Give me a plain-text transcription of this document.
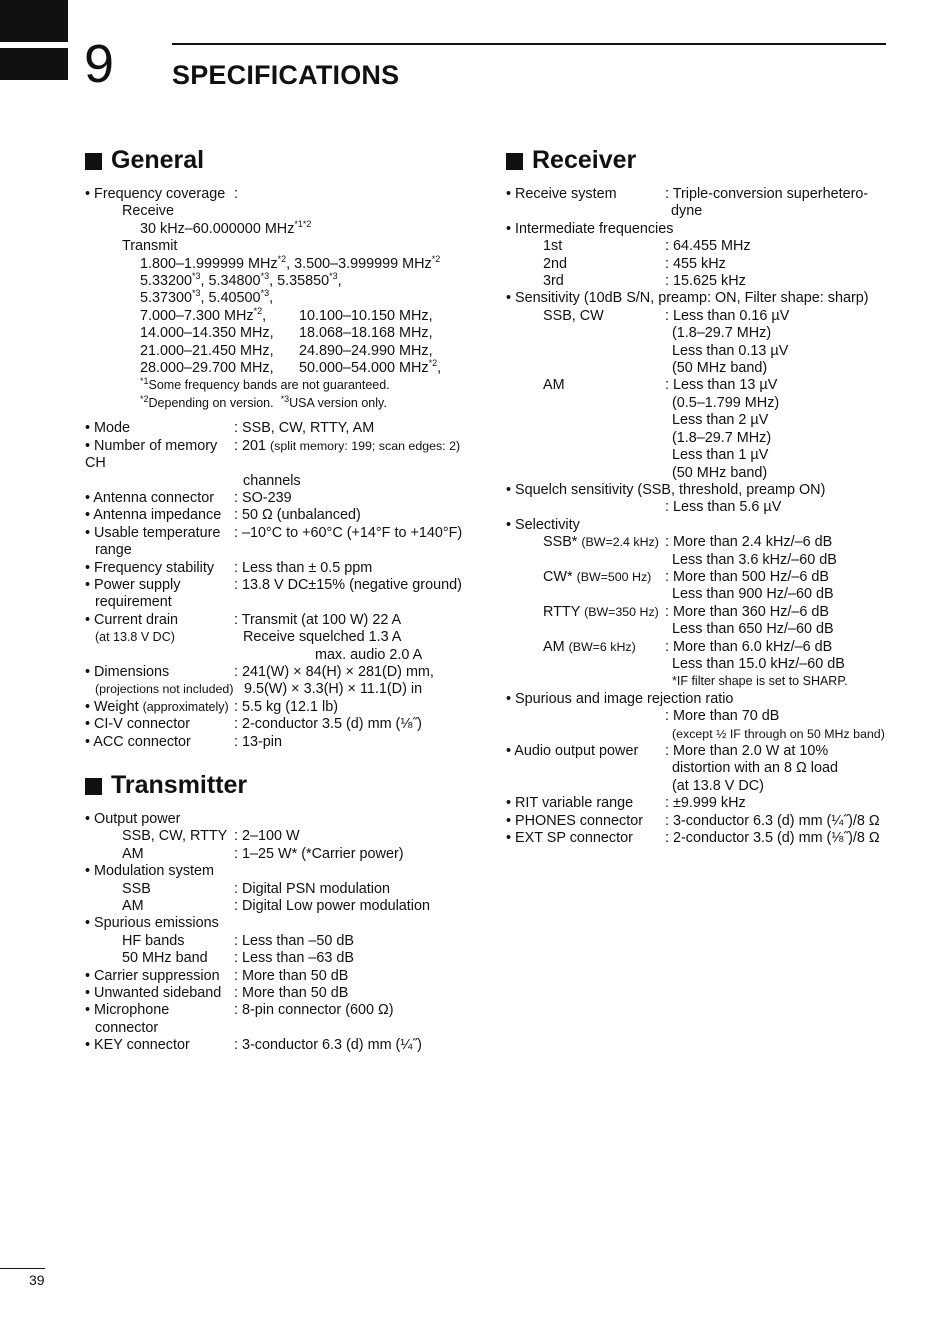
9 SPECIFICATIONS
General
• Frequency coverage :
Receive
30 kHz–60.000000 MHz$^{*1*2}$
Transmit
1.800–1.999999 MHz$^{*2}$, 3.500–3.999999 MHz$^{*2}$
5.33200$^{*3}$, 5.34800$^{*3}$, 5.35850$^{*3}$,
5.37300$^{*3}$, 5.40500$^{*3}$,
7.000–7.300 MHz$^{*2}$,	10.100–10.150 MHz,
14.000–14.350 MHz,	18.068–18.168 MHz,
21.000–21.450 MHz,	24.890–24.990 MHz,
28.000–29.700 MHz,	50.000–54.000 MHz$^{*2}$,
$^{*1}$Some frequency bands are not guaranteed.
$^{*2}$Depending on version. $^{*3}$USA version only.
• Mode	: SSB, CW, RTTY, AM
• Number of memory CH
: 201 (split memory: 199; scan edges: 2)
channels
• Antenna connector	: SO-239
• Antenna impedance : 50 Ω (unbalanced)
• Usable temperature : –10°C to +60°C (+14°F to +140°F)
range
• Frequency stability	: Less than ± 0.5 ppm
• Power supply	: 13.8 V DC±15% (negative ground)
requirement
• Current drain	: Transmit (at 100 W) 22 A
(at 13.8 V DC)	Receive squelched 1.3 A
max. audio 2.0 A
• Dimensions	: 241(W) × 84(H) × 281(D) mm,
(projections not included) 9.5(W) × 3.3(H) × 11.1(D) in
• Weight (approximately) : 5.5 kg (12.1 lb)
• CI-V connector	: 2-conductor 3.5 (d) mm (⅛˝)
• ACC connector	: 13-pin
Transmitter
• Output power
SSB, CW, RTTY : 2–100 W
AM	: 1–25 W* (*Carrier power)
• Modulation system
SSB	: Digital PSN modulation
AM	: Digital Low power modulation
• Spurious emissions
HF bands	: Less than –50 dB
50 MHz band	: Less than –63 dB
• Carrier suppression : More than 50 dB
• Unwanted sideband : More than 50 dB
• Microphone	: 8-pin connector (600 Ω)
connector
• KEY connector	: 3-conductor 6.3 (d) mm (¼˝)
Receiver
• Receive system	: Triple-conversion superhetero-
dyne
• Intermediate frequencies
1st	: 64.455 MHz
2nd	: 455 kHz
3rd	: 15.625 kHz
• Sensitivity (10dB S/N, preamp: ON, Filter shape: sharp)
SSB, CW	: Less than 0.16 µV
(1.8–29.7 MHz)
Less than 0.13 µV
(50 MHz band)
AM	: Less than 13 µV
(0.5–1.799 MHz)
Less than 2 µV
(1.8–29.7 MHz)
Less than 1 µV
(50 MHz band)
• Squelch sensitivity (SSB, threshold, preamp ON)
: Less than 5.6 µV
• Selectivity
SSB* (BW=2.4 kHz) : More than 2.4 kHz/–6 dB
Less than 3.6 kHz/–60 dB
CW* (BW=500 Hz) : More than 500 Hz/–6 dB
Less than 900 Hz/–60 dB
RTTY (BW=350 Hz) : More than 360 Hz/–6 dB
Less than 650 Hz/–60 dB
AM (BW=6 kHz)	: More than 6.0 kHz/–6 dB
Less than 15.0 kHz/–60 dB
*IF filter shape is set to SHARP.
• Spurious and image rejection ratio
: More than 70 dB
(except ½ IF through on 50 MHz band)
• Audio output power	: More than 2.0 W at 10%
distortion with an 8 Ω load
(at 13.8 V DC)
• RIT variable range	: ±9.999 kHz
• PHONES connector	: 3-conductor 6.3 (d) mm (¼˝)/8 Ω
• EXT SP connector	: 2-conductor 3.5 (d) mm (⅛˝)/8 Ω
39
